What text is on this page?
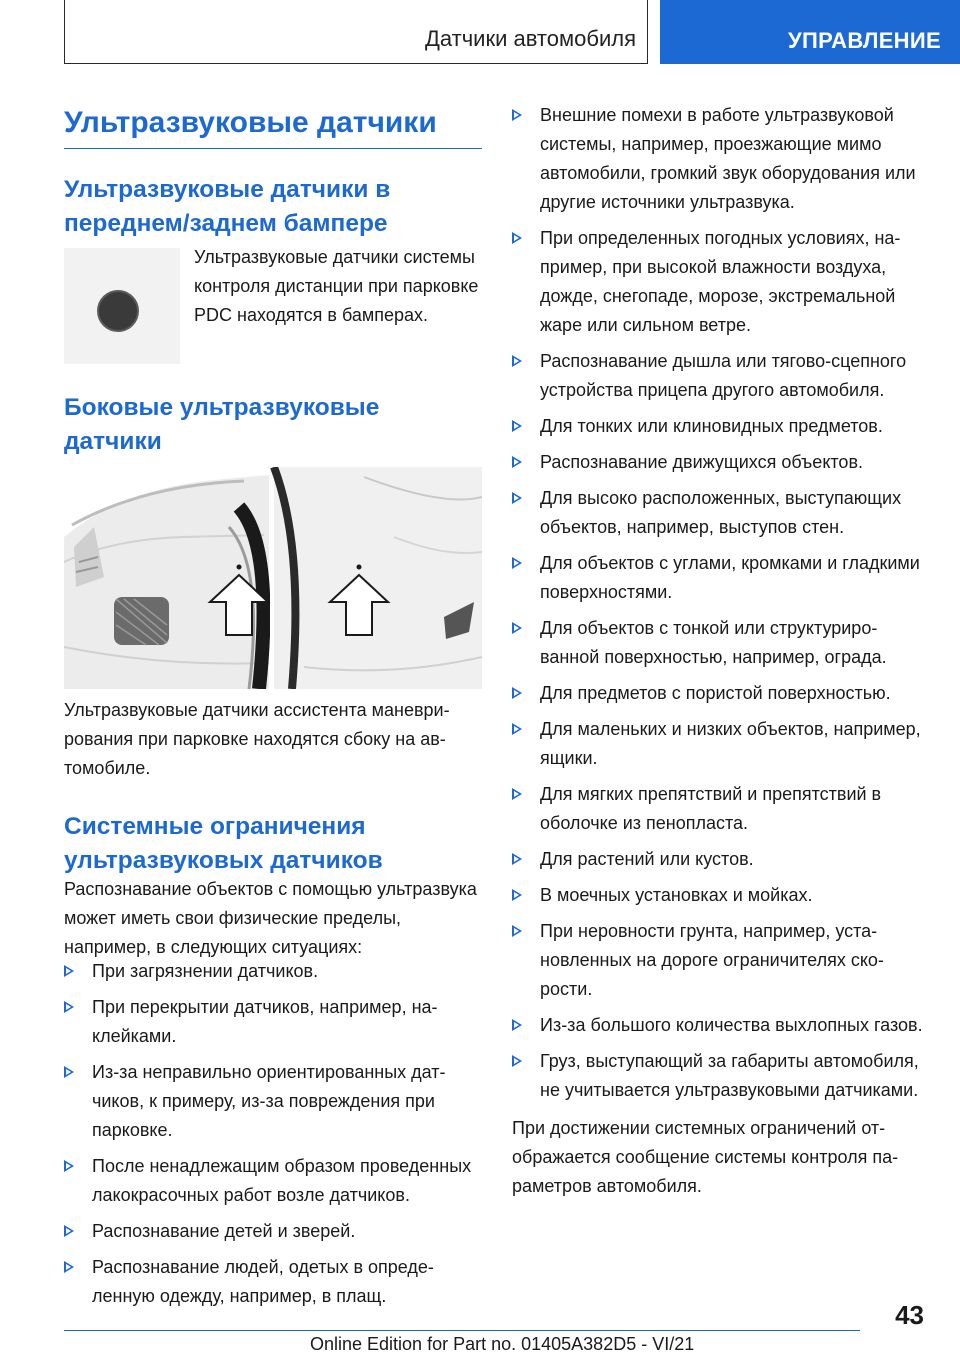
Датчики автомобиля	УПРАВЛЕНИЕ
Ультразвуковые датчики
Ультразвуковые датчики в переднем/заднем бампере

Ультразвуковые датчики системы контроля дистанции при парковке PDC находятся в бамперах.

Боковые ультразвуковые датчики

Ультразвуковые датчики ассистента маневрирования при парковке находятся сбоку на автомобиле.

Системные ограничения ультразвуковых датчиков

Распознавание объектов с помощью ультразвука может иметь свои физические пределы, например, в следующих ситуациях:

При загрязнении датчиков.
При перекрытии датчиков, например, наклейками.
Из-за неправильно ориентированных датчиков, к примеру, из-за повреждения при парковке.
После ненадлежащим образом проведенных лакокрасочных работ возле датчиков.
Распознавание детей и зверей.
Распознавание людей, одетых в определенную одежду, например, в плащ.
Внешние помехи в работе ультразвуковой системы, например, проезжающие мимо автомобили, громкий звук оборудования или другие источники ультразвука.
При определенных погодных условиях, например, при высокой влажности воздуха, дожде, снегопаде, морозе, экстремальной жаре или сильном ветре.
Распознавание дышла или тягово-сцепного устройства прицепа другого автомобиля.
Для тонких или клиновидных предметов.
Распознавание движущихся объектов.
Для высоко расположенных, выступающих объектов, например, выступов стен.
Для объектов с углами, кромками и гладкими поверхностями.
Для объектов с тонкой или структурированной поверхностью, например, ограда.
Для предметов с пористой поверхностью.
Для маленьких и низких объектов, например, ящики.
Для мягких препятствий и препятствий в оболочке из пенопласта.
Для растений или кустов.
В моечных установках и мойках.
При неровности грунта, например, установленных на дороге ограничителях скорости.
Из-за большого количества выхлопных газов.
Груз, выступающий за габариты автомобиля, не учитывается ультразвуковыми датчиками.

При достижении системных ограничений отображается сообщение системы контроля параметров автомобиля.

43
Online Edition for Part no. 01405A382D5 - VI/21
